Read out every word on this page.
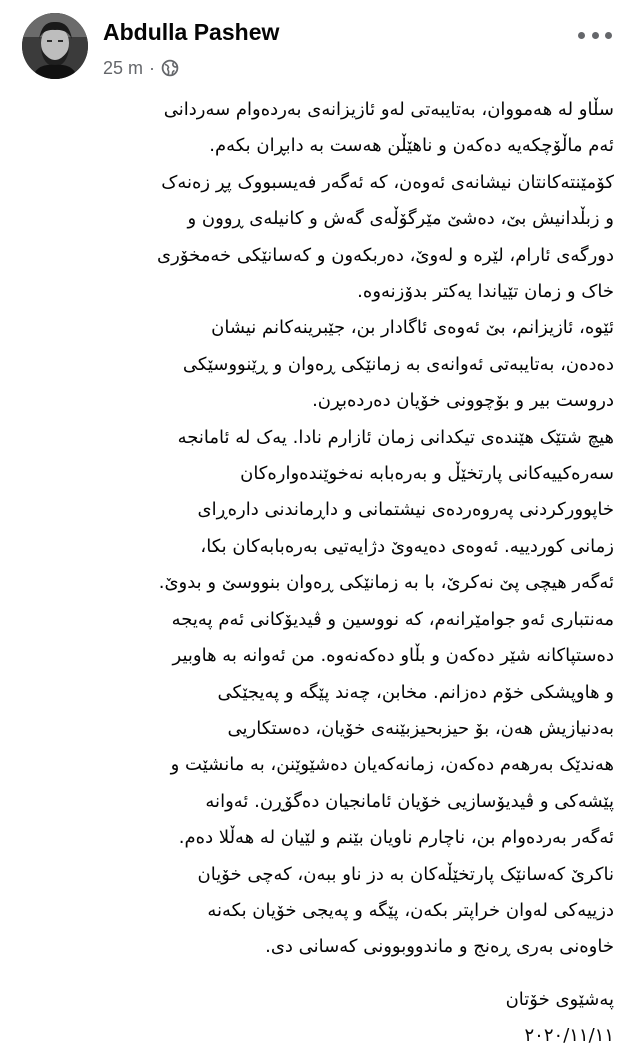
Abdulla Pashew
25 m ·
سڵاو لە هەمووان، بەتایبەتی لەو ئازیزانەی بەردەوام سەردانی
ئەم ماڵۆچکەیە دەکەن و ناهێڵن هەست بە دابڕان بکەم.
کۆمێنتەکانتان نیشانەی ئەوەن، کە ئەگەر فەیسبووک پڕ زەنەک
و زبڵدانیش بێ، دەشێ مێرگۆڵەی گەش و کانیلەی ڕوون و
دورگەی ئارام، لێرە و لەوێ، دەربکەون و کەسانێکی خەمخۆری
خاک و زمان تێیاندا یەکتر بدۆزنەوە.
ئێوە، ئازیزانم، بێ ئەوەی ئاگادار بن، جێبرینەکانم نیشان
دەدەن، بەتایبەتی ئەوانەی بە زمانێکی ڕەوان و ڕێنووسێکی
دروست بیر و بۆچوونی خۆیان دەردەبڕن.
هیچ شتێک هێندەی تیکدانی زمان ئازارم نادا. یەک لە ئامانجە
سەرەکییەکانی پارتخێڵ و بەرەبابە نەخوێندەوارەکان
خاپوورکردنی پەروەردەی نیشتمانی و داڕماندنی دارەڕای
زمانی کوردییە. ئەوەی دەیەوێ دژایەتیی بەرەبابەکان بکا،
ئەگەر هیچی پێ نەکرێ، با بە زمانێکی ڕەوان بنووسێ و بدوێ.
مەنتباری ئەو جوامێرانەم، کە نووسین و ڤیدیۆکانی ئەم پەیجە
دەستپاکانە شێر دەکەن و بڵاو دەکەنەوە. من ئەوانە بە هاوبیر
و هاوپشکی خۆم دەزانم. مخابن، چەند پێگە و پەیجێکی
بەدنیازیش هەن، بۆ حیزبحیزبێنەی خۆیان، دەستکاریی
هەندێک بەرهەم دەکەن، زمانەکەیان دەشێوێنن، بە مانشێت و
پێشەکی و ڤیدیۆسازیی خۆیان ئامانجیان دەگۆڕن. ئەوانە
ئەگەر بەردەوام بن، ناچارم ناویان بێنم و لێیان لە هەڵلا دەم.
ناکرێ کەسانێک پارتخێڵەکان بە دز ناو ببەن، کەچی خۆیان
دزییەکی لەوان خراپتر بکەن، پێگە و پەیجی خۆیان بکەنە
خاوەنی بەری ڕەنج و ماندووبوونی کەسانی دی.
پەشێوی خۆتان
٢٠٢٠/١١/١١
